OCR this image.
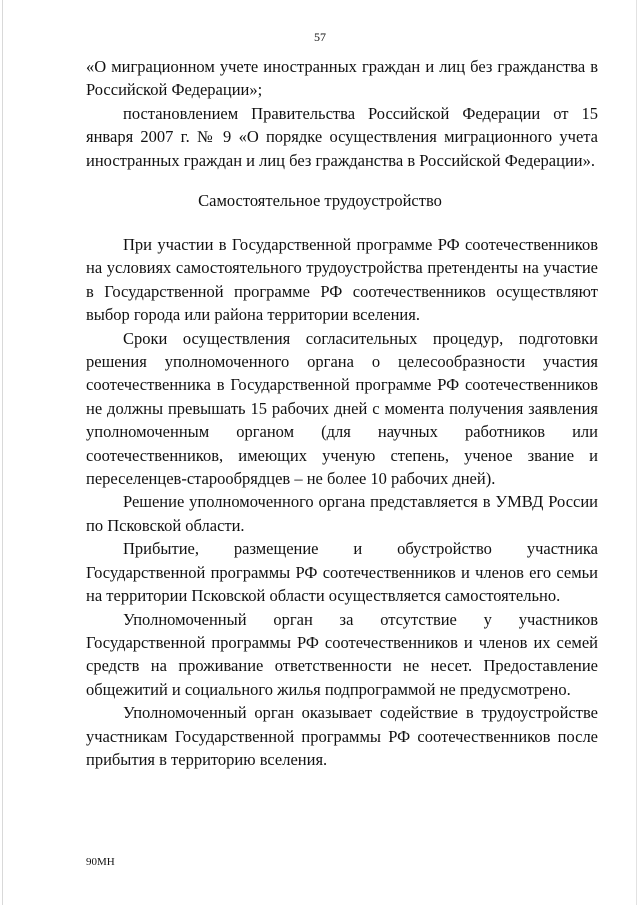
57

«О миграционном учете иностранных граждан и лиц без гражданства в Российской Федерации»;

постановлением Правительства Российской Федерации от 15 января 2007 г. № 9 «О порядке осуществления миграционного учета иностранных граждан и лиц без гражданства в Российской Федерации».

Самостоятельное трудоустройство

При участии в Государственной программе РФ соотечественников на условиях самостоятельного трудоустройства претенденты на участие в Государственной программе РФ соотечественников осуществляют выбор города или района территории вселения.

Сроки осуществления согласительных процедур, подготовки решения уполномоченного органа о целесообразности участия соотечественника в Государственной программе РФ соотечественников не должны превышать 15 рабочих дней с момента получения заявления уполномоченным органом (для научных работников или соотечественников, имеющих ученую степень, ученое звание и переселенцев-старообрядцев – не более 10 рабочих дней).

Решение уполномоченного органа представляется в УМВД России по Псковской области.

Прибытие, размещение и обустройство участника Государственной программы РФ соотечественников и членов его семьи на территории Псковской области осуществляется самостоятельно.

Уполномоченный орган за отсутствие у участников Государственной программы РФ соотечественников и членов их семей средств на проживание ответственности не несет. Предоставление общежитий и социального жилья подпрограммой не предусмотрено.

Уполномоченный орган оказывает содействие в трудоустройстве участникам Государственной программы РФ соотечественников после прибытия в территорию вселения.

90МН
